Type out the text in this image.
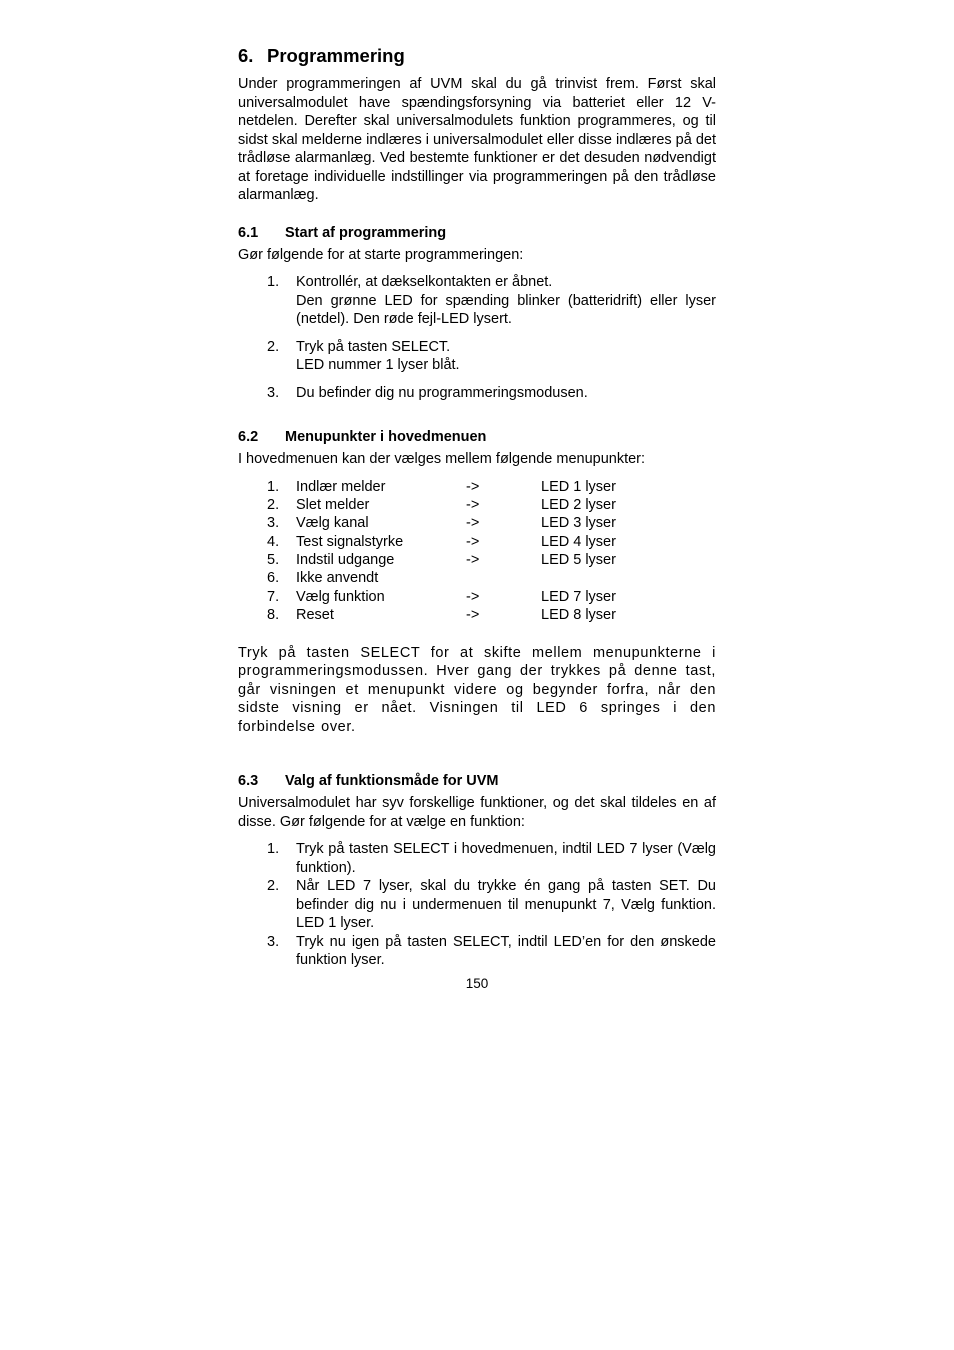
6. Programmering

Under programmeringen af UVM skal du gå trinvist frem. Først skal universalmodulet have spændingsforsyning via batteriet eller 12 V-netdelen. Derefter skal universalmodulets funktion programmeres, og til sidst skal melderne indlæres i universalmodulet eller disse indlæres på det trådløse alarmanlæg. Ved bestemte funktioner er det desuden nødvendigt at foretage individuelle indstillinger via programmeringen på den trådløse alarmanlæg.

6.1 Start af programmering

Gør følgende for at starte programmeringen:

1. Kontrollér, at dækselkontakten er åbnet.
Den grønne LED for spænding blinker (batteridrift) eller lyser (netdel). Den røde fejl-LED lysert.
2. Tryk på tasten SELECT.
LED nummer 1 lyser blåt.
3. Du befinder dig nu programmeringsmodusen.
6.2 Menupunkter i hovedmenuen

I hovedmenuen kan der vælges mellem følgende menupunkter:

1. Indlær melder	->	LED 1 lyser
2. Slet melder	->	LED 2 lyser
3. Vælg kanal	->	LED 3 lyser
4. Test signalstyrke	->	LED 4 lyser
5. Indstil udgange	->	LED 5 lyser
6. Ikke anvendt
7. Vælg funktion	->	LED 7 lyser
8. Reset	->	LED 8 lyser

Tryk på tasten SELECT for at skifte mellem menupunkterne i programmeringsmodussen. Hver gang der trykkes på denne tast, går visningen et menupunkt videre og begynder forfra, når den sidste visning er nået. Visningen til LED 6 springes i den forbindelse over.

6.3 Valg af funktionsmåde for UVM

Universalmodulet har syv forskellige funktioner, og det skal tildeles en af disse. Gør følgende for at vælge en funktion:

1. Tryk på tasten SELECT i hovedmenuen, indtil LED 7 lyser (Vælg funktion).
2. Når LED 7 lyser, skal du trykke én gang på tasten SET. Du befinder dig nu i undermenuen til menupunkt 7, Vælg funktion. LED 1 lyser.
3. Tryk nu igen på tasten SELECT, indtil LED’en for den ønskede funktion lyser.
150
